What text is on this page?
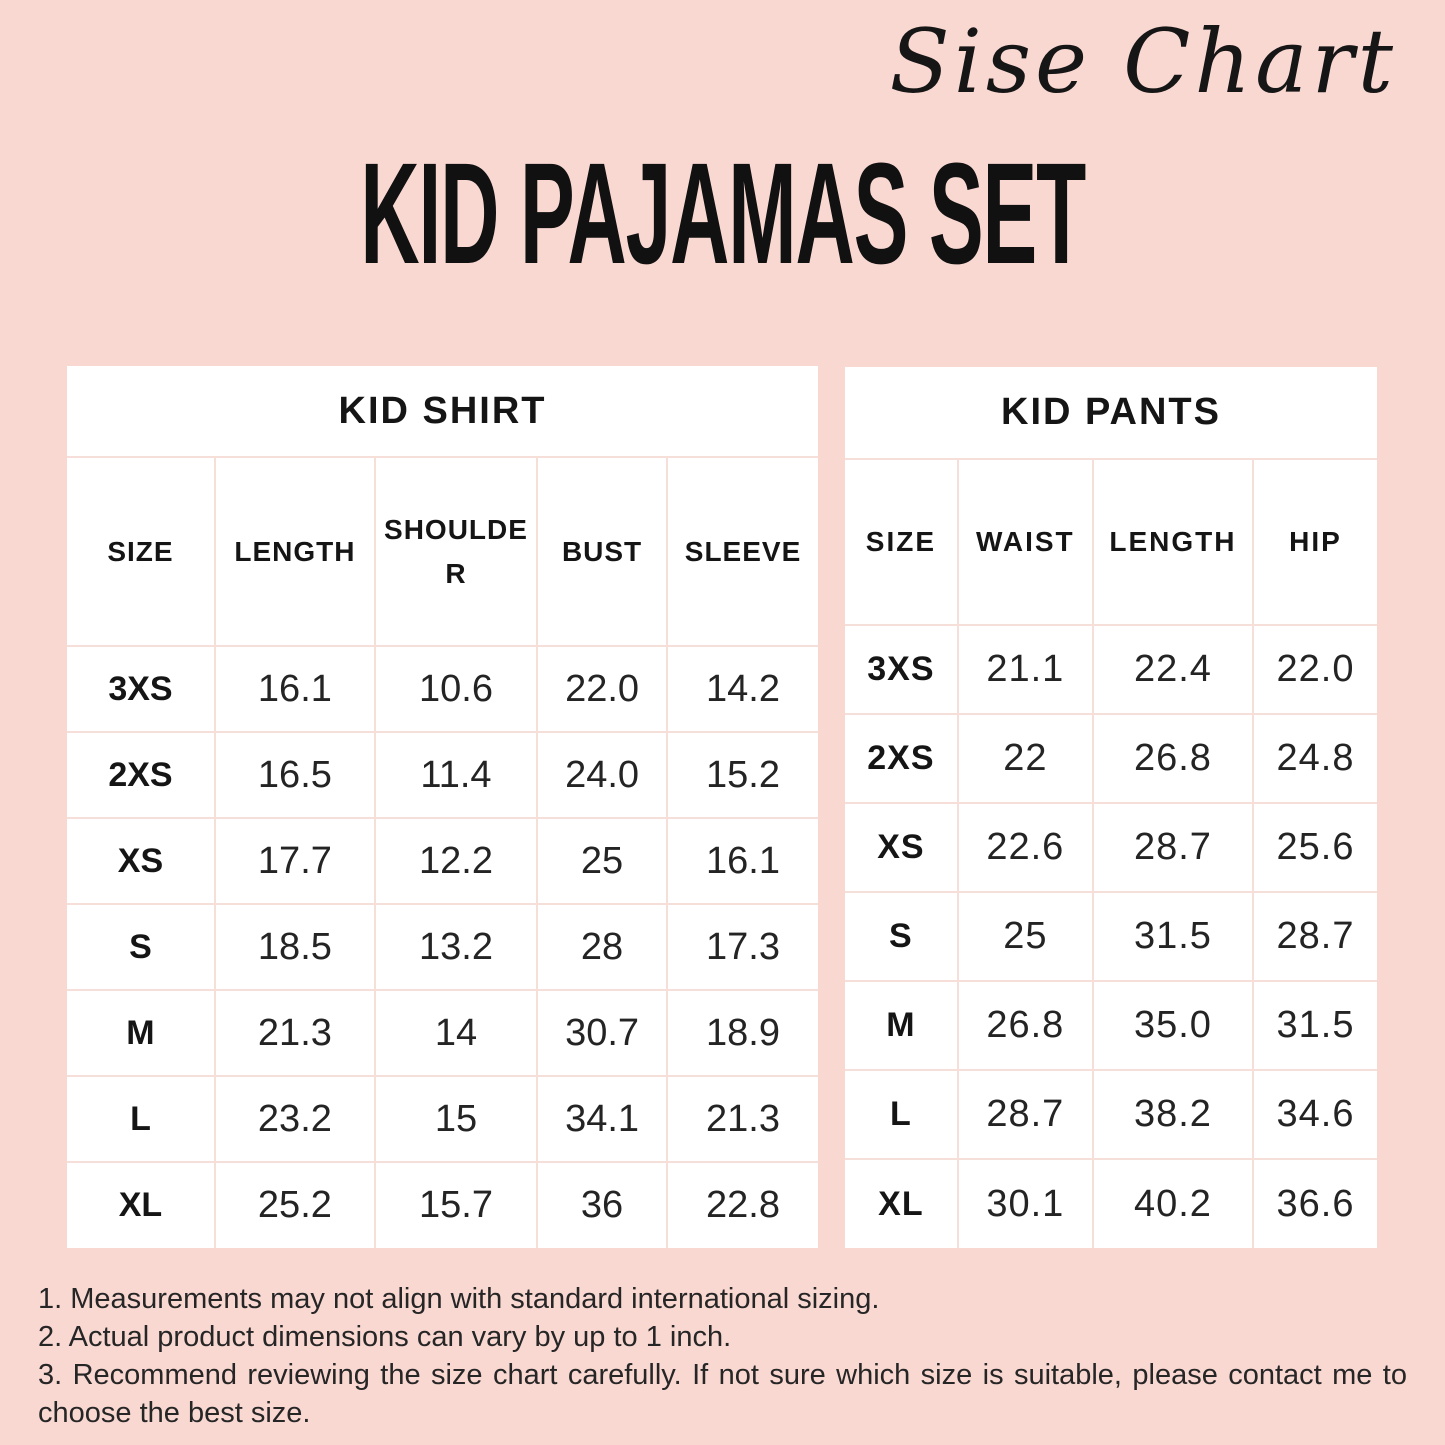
Sise Chart
KID PAJAMAS SET
KID SHIRT				
SIZE	LENGTH	SHOULDER	BUST	SLEEVE
3XS	16.1	10.6	22.0	14.2
2XS	16.5	11.4	24.0	15.2
XS	17.7	12.2	25	16.1
S	18.5	13.2	28	17.3
M	21.3	14	30.7	18.9
L	23.2	15	34.1	21.3
XL	25.2	15.7	36	22.8
KID PANTS			
SIZE	WAIST	LENGTH	HIP
3XS	21.1	22.4	22.0
2XS	22	26.8	24.8
XS	22.6	28.7	25.6
S	25	31.5	28.7
M	26.8	35.0	31.5
L	28.7	38.2	34.6
XL	30.1	40.2	36.6

1. Measurements may not align with standard international sizing.

2. Actual product dimensions can vary by up to 1 inch.

3. Recommend reviewing the size chart carefully. If not sure which size is suitable, please contact me to choose the best size.
